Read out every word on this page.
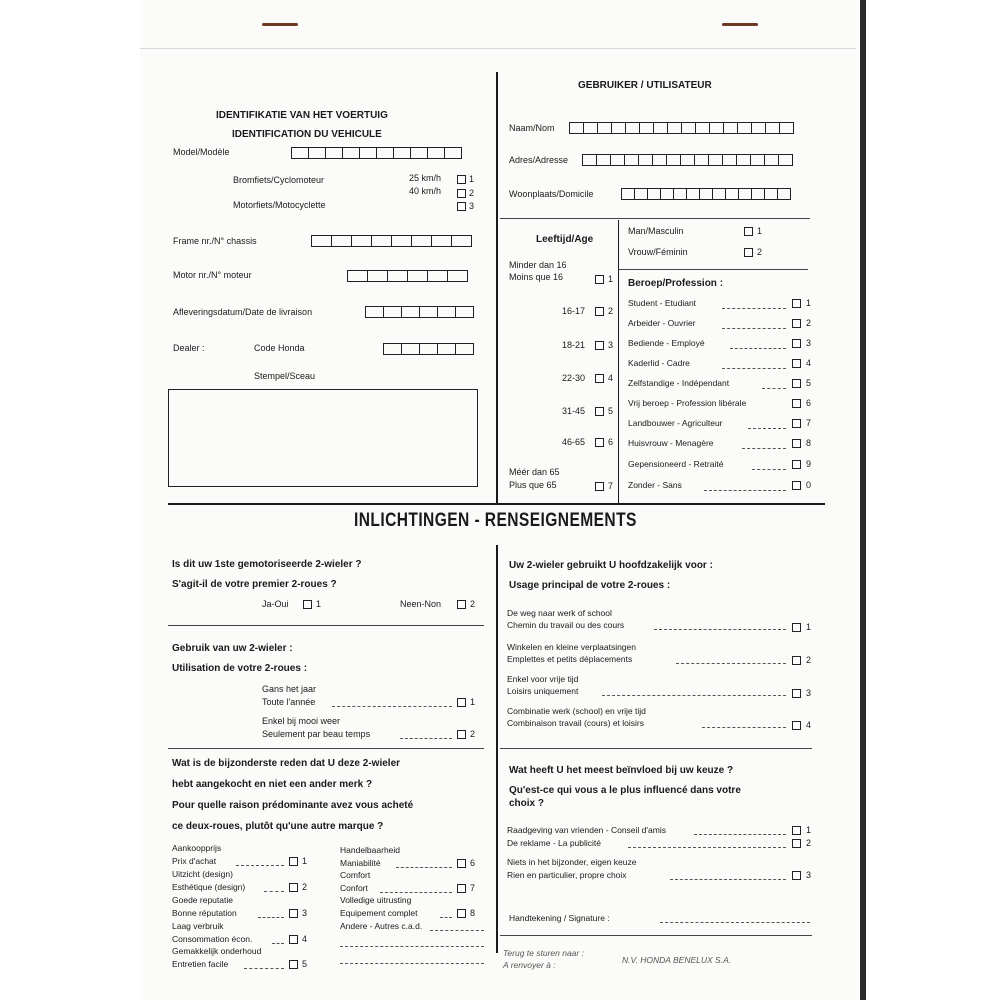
IDENTIFIKATIE VAN HET VOERTUIG
IDENTIFICATION DU VEHICULE
Model/Modèle
Bromfiets/Cyclomoteur	25 km/h	1
40 km/h	2
Motorfiets/Motocyclette	3
Frame nr./N° chassis
Motor nr./N° moteur
Afleveringsdatum/Date de livraison
Dealer :	Code Honda
Stempel/Sceau
GEBRUIKER / UTILISATEUR
Naam/Nom
Adres/Adresse
Woonplaats/Domicile
Man/Masculin	1
Vrouw/Féminin	2
Leeftijd/Age
Minder dan 16
Moins que 16	1
16-17	2
18-21	3
22-30	4
31-45	5
46-65	6
Méér dan 65
Plus que 65	7
Beroep/Profession :
Student - Etudiant	1
Arbeider - Ouvrier	2
Bediende - Employé	3
Kaderlid - Cadre	4
Zelfstandige - Indépendant	5
Vrij beroep - Profession libérale	6
Landbouwer - Agriculteur	7
Huisvrouw - Menagère	8
Gepensioneerd - Retraité	9
Zonder - Sans	0
INLICHTINGEN - RENSEIGNEMENTS
Is dit uw 1ste gemotoriseerde 2-wieler ?
S'agit-il de votre premier 2-roues ?
Ja-Oui	1	Neen-Non	2
Gebruik van uw 2-wieler :
Utilisation de votre 2-roues :
Gans het jaar
Toute l'année	1
Enkel bij mooi weer
Seulement par beau temps	2
Wat is de bijzonderste reden dat U deze 2-wieler
hebt aangekocht en niet een ander merk ?
Pour quelle raison prédominante avez vous acheté
ce deux-roues, plutôt qu'une autre marque ?
Aankoopprijs
Prix d'achat	1
Uitzicht (design)
Esthétique (design)	2
Goede reputatie
Bonne réputation	3
Laag verbruik
Consommation écon.	4
Gemakkelijk onderhoud
Entretien facile	5
Handelbaarheid
Maniabilité	6
Comfort
Confort	7
Volledige uitrusting
Equipement complet	8
Andere - Autres c.a.d.
Uw 2-wieler gebruikt U hoofdzakelijk voor :
Usage principal de votre 2-roues :
De weg naar werk of school
Chemin du travail ou des cours	1
Winkelen en kleine verplaatsingen
Emplettes et petits déplacements	2
Enkel voor vrije tijd
Loisirs uniquement	3
Combinatie werk (school) en vrije tijd
Combinaison travail (cours) et loisirs	4
Wat heeft U het meest beïnvloed bij uw keuze ?
Qu'est-ce qui vous a le plus influencé dans votre
choix ?
Raadgeving van vrienden - Conseil d'amis	1
De reklame - La publicité	2
Niets in het bijzonder, eigen keuze
Rien en particulier, propre choix	3
Handtekening / Signature :
Terug te sturen naar :
A renvoyer à :	N.V. HONDA BENELUX S.A.
